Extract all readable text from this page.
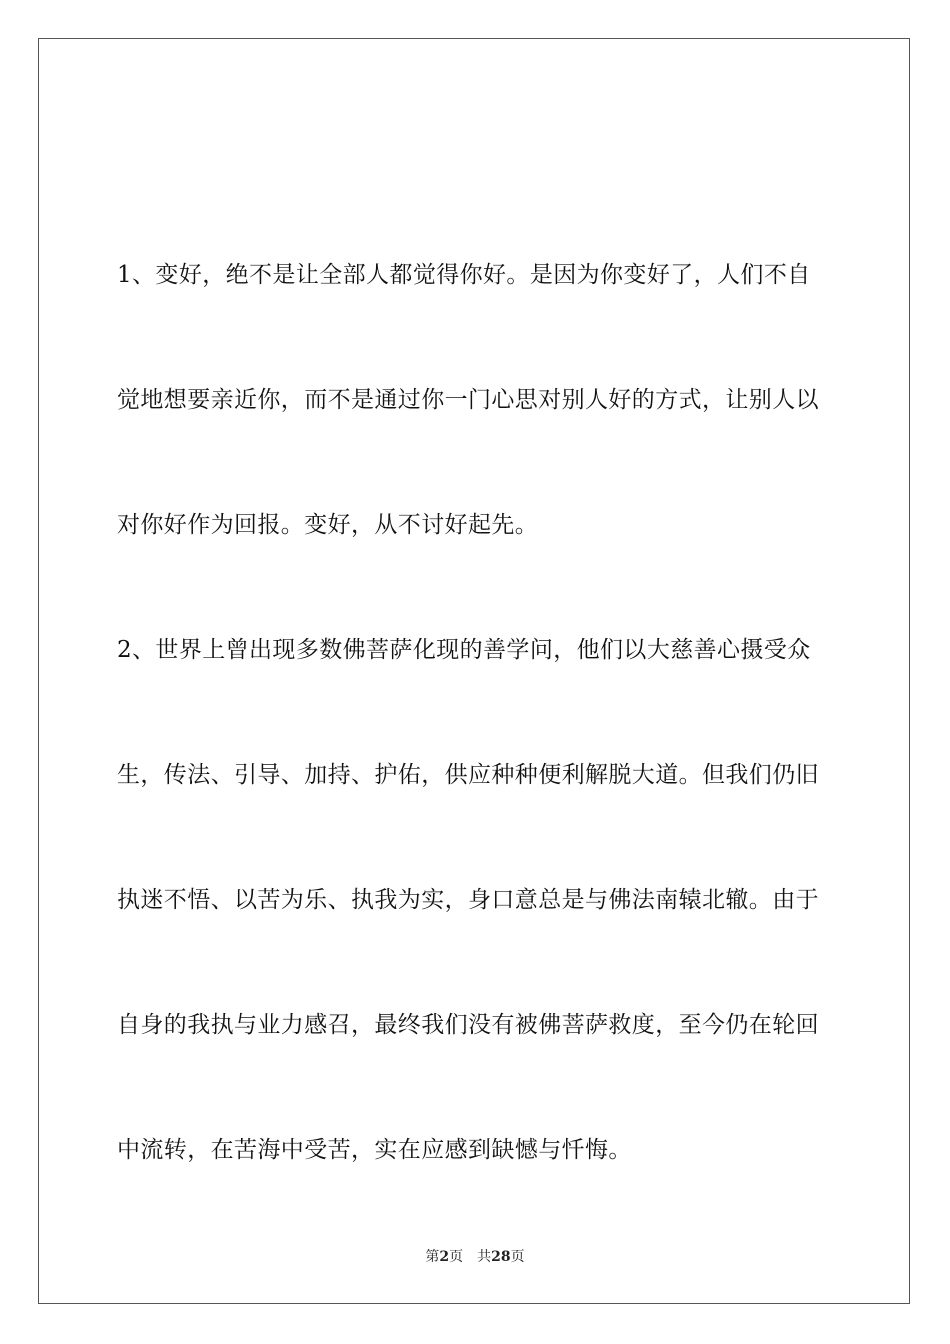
1、变好，绝不是让全部人都觉得你好。是因为你变好了，人们不自

觉地想要亲近你，而不是通过你一门心思对别人好的方式，让别人以

对你好作为回报。变好，从不讨好起先。

2、世界上曾出现多数佛菩萨化现的善学问，他们以大慈善心摄受众

生，传法、引导、加持、护佑，供应种种便利解脱大道。但我们仍旧

执迷不悟、以苦为乐、执我为实，身口意总是与佛法南辕北辙。由于

自身的我执与业力感召，最终我们没有被佛菩萨救度，至今仍在轮回

中流转，在苦海中受苦，实在应感到缺憾与忏悔。

第2页 共28页
